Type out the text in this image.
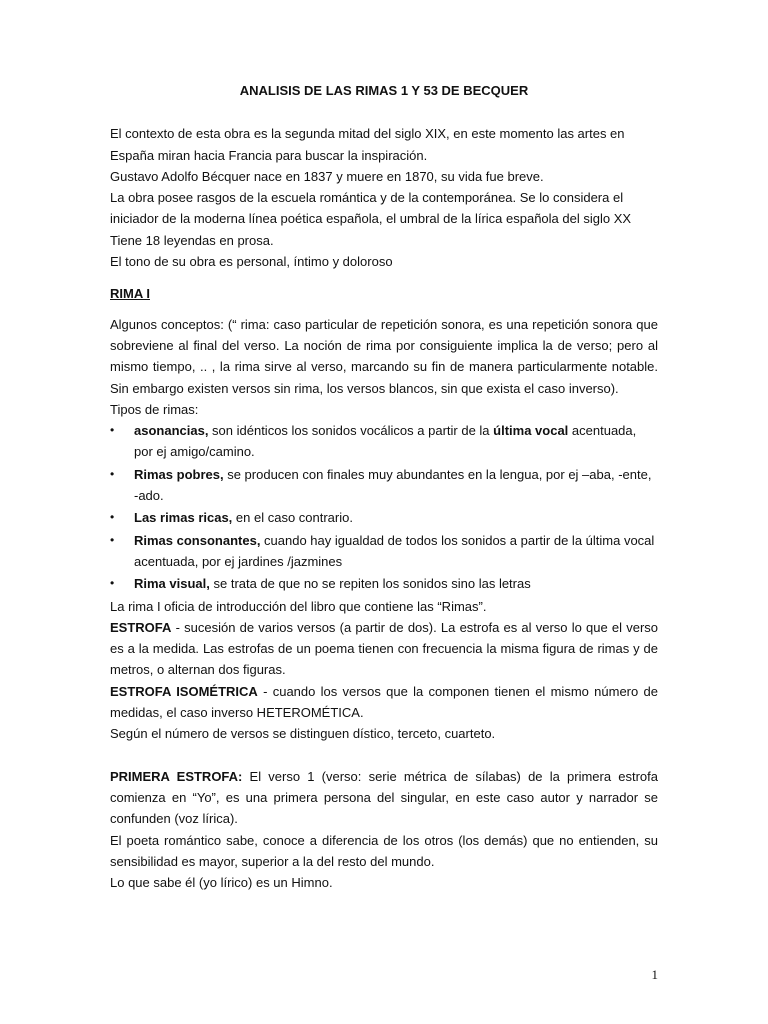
ANALISIS DE LAS RIMAS 1 Y 53 DE BECQUER

El contexto de esta obra es la segunda mitad del siglo XIX, en este momento las artes en España miran hacia Francia para buscar la inspiración.

Gustavo Adolfo Bécquer nace en 1837 y muere en 1870, su vida fue breve.

La obra posee rasgos de la escuela romántica y de la contemporánea. Se lo considera el iniciador de la moderna línea poética española, el umbral de la lírica española del siglo XX

Tiene 18 leyendas en prosa.

El tono de su obra es personal, íntimo y doloroso

RIMA I

Algunos conceptos: (“ rima: caso particular de repetición sonora, es una repetición sonora que sobreviene al final del verso. La noción de rima por consiguiente implica la de verso; pero al mismo tiempo, .. , la rima sirve al verso, marcando su fin de manera particularmente notable. Sin embargo existen versos sin rima, los versos blancos, sin que exista el caso inverso).

Tipos de rimas:

• asonancias, son idénticos los sonidos vocálicos a partir de la última vocal acentuada, por ej amigo/camino.
• Rimas pobres, se producen con finales muy abundantes en la lengua, por ej –aba, -ente, -ado.
• Las rimas ricas, en el caso contrario.
• Rimas consonantes, cuando hay igualdad de todos los sonidos a partir de la última vocal acentuada, por ej jardines /jazmines
• Rima visual, se trata de que no se repiten los sonidos sino las letras

La rima I oficia de introducción del libro que contiene las “Rimas”.

ESTROFA - sucesión de varios versos (a partir de dos). La estrofa es al verso lo que el verso es a la medida. Las estrofas de un poema tienen con frecuencia la misma figura de rimas y de metros, o alternan dos figuras.

ESTROFA ISOMÉTRICA - cuando los versos que la componen tienen el mismo número de medidas, el caso inverso HETEROMÉTICA.

Según el número de versos se distinguen dístico, terceto, cuarteto.

PRIMERA ESTROFA: El verso 1 (verso: serie métrica de sílabas) de la primera estrofa comienza en “Yo”, es una primera persona del singular, en este caso autor y narrador se confunden (voz lírica).

El poeta romántico sabe, conoce a diferencia de los otros (los demás) que no entienden, su sensibilidad es mayor, superior a la del resto del mundo.

Lo que sabe él (yo lírico) es un Himno.

1
